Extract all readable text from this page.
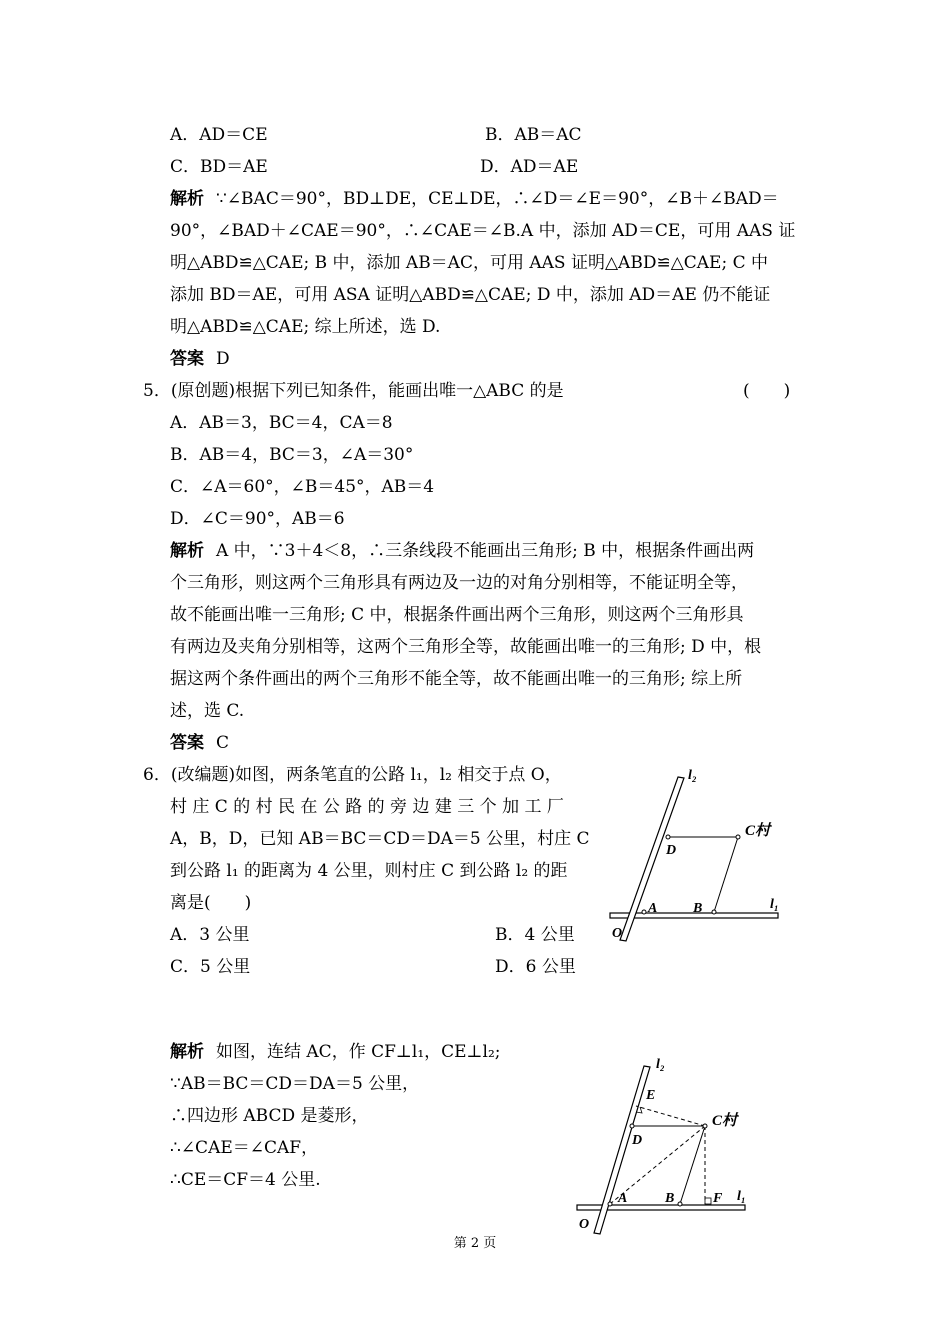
A．AD＝CE	B．AB＝AC
C．BD＝AE	D．AD＝AE
解析 ∵∠BAC＝90°，BD⊥DE，CE⊥DE，∴∠D＝∠E＝90°，∠B＋∠BAD＝
90°，∠BAD＋∠CAE＝90°，∴∠CAE＝∠B.A 中，添加 AD＝CE，可用 AAS 证
明△ABD≌△CAE; B 中，添加 AB＝AC，可用 AAS 证明△ABD≌△CAE; C 中
添加 BD＝AE，可用 ASA 证明△ABD≌△CAE; D 中，添加 AD＝AE 仍不能证
明△ABD≌△CAE; 综上所述，选 D.
答案 D
5．(原创题)根据下列已知条件，能画出唯一△ABC 的是	(　　)
A．AB＝3，BC＝4，CA＝8
B．AB＝4，BC＝3，∠A＝30°
C．∠A＝60°，∠B＝45°，AB＝4
D．∠C＝90°，AB＝6
解析 A 中，∵3＋4＜8，∴三条线段不能画出三角形; B 中，根据条件画出两
个三角形，则这两个三角形具有两边及一边的对角分别相等，不能证明全等，
故不能画出唯一三角形; C 中，根据条件画出两个三角形，则这两个三角形具
有两边及夹角分别相等，这两个三角形全等，故能画出唯一的三角形; D 中，根
据这两个条件画出的两个三角形不能全等，故不能画出唯一的三角形; 综上所
述，选 C.
答案 C
6．(改编题)如图，两条笔直的公路 l₁，l₂ 相交于点 O，
村 庄 C 的 村 民 在 公 路 的 旁 边 建 三 个 加 工 厂
A，B，D，已知 AB＝BC＝CD＝DA＝5 公里，村庄 C
到公路 l₁ 的距离为 4 公里，则村庄 C 到公路 l₂ 的距
离是(　　)
A．3 公里	B．4 公里
C．5 公里	D．6 公里
l₂
l₁
C村
D
A	B
O
解析 如图，连结 AC，作 CF⊥l₁，CE⊥l₂;
∵AB＝BC＝CD＝DA＝5 公里，
∴四边形 ABCD 是菱形，
∴∠CAE＝∠CAF，
∴CE＝CF＝4 公里.
l₂
l₁
C村
E
D
A	B	F
O
第 2 页
